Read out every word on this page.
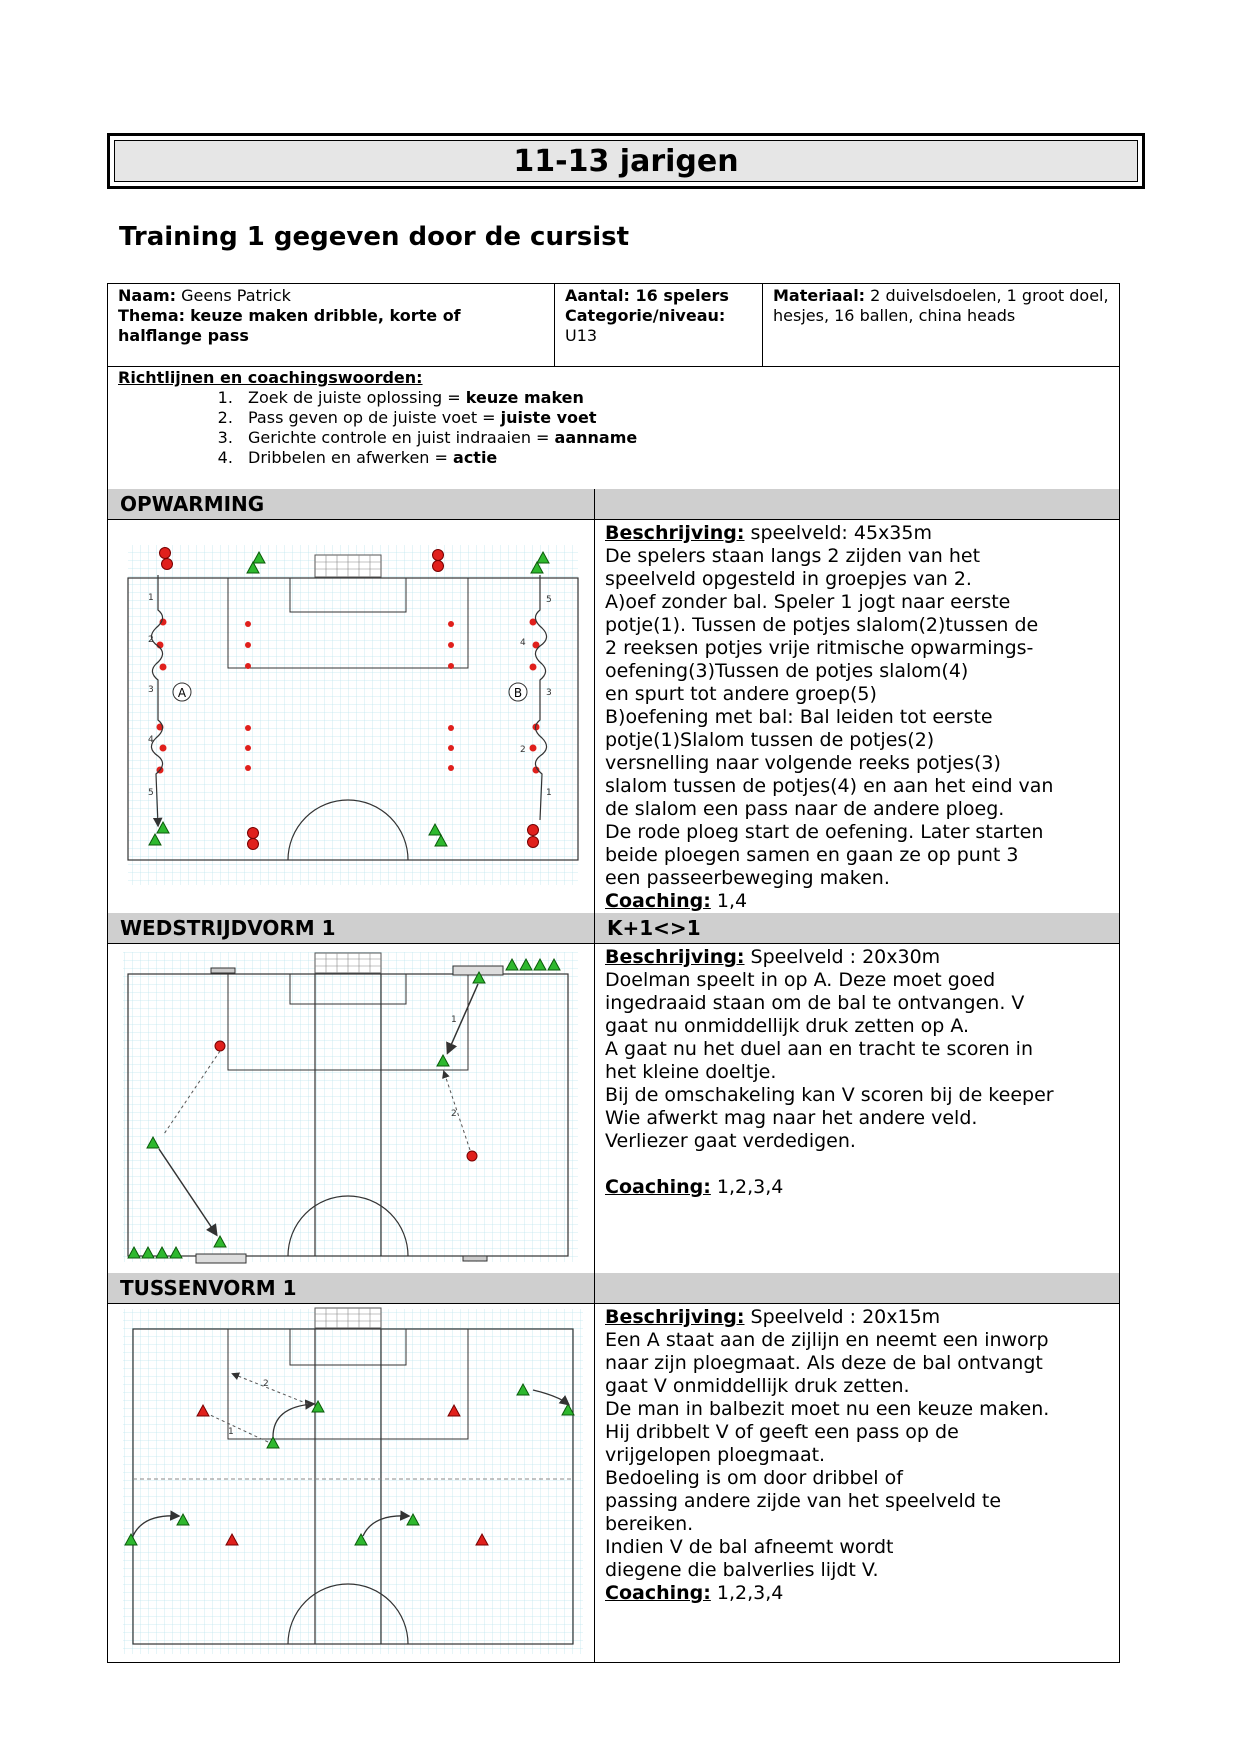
11-13 jarigen
Training 1 gegeven door de cursist
Naam: Geens Patrick
Thema: keuze maken dribble, korte of halflange pass
Aantal: 16 spelers
Categorie/niveau:
U13
Materiaal: 2 duivelsdoelen, 1 groot doel, hesjes, 16 ballen, china heads
Richtlijnen en coachingswoorden:
1. Zoek de juiste oplossing = keuze maken
2. Pass geven op de juiste voet = juiste voet
3. Gerichte controle en juist indraaien = aanname
4. Dribbelen en afwerken = actie
OPWARMING
1
2
3
4
5	1
2
3
4
5
A	B

Beschrijving: speelveld: 45x35m

De spelers staan langs 2 zijden van het

speelveld opgesteld in groepjes van 2.

A)oef zonder bal. Speler 1 jogt naar eerste

potje(1). Tussen de potjes slalom(2)tussen de

2 reeksen potjes vrije ritmische opwarmings-

oefening(3)Tussen de potjes slalom(4)

en spurt tot andere groep(5)

B)oefening met bal: Bal leiden tot eerste

potje(1)Slalom tussen de potjes(2)

versnelling naar volgende reeks potjes(3)

slalom tussen de potjes(4) en aan het eind van

de slalom een pass naar de andere ploeg.

De rode ploeg start de oefening. Later starten

beide ploegen samen en gaan ze op punt 3

een passeerbeweging maken.

Coaching: 1,4

WEDSTRIJDVORM 1	K+1<>1
1
2

Beschrijving: Speelveld : 20x30m

Doelman speelt in op A. Deze moet goed

ingedraaid staan om de bal te ontvangen. V

gaat nu onmiddellijk druk zetten op A.

A gaat nu het duel aan en tracht te scoren in

het kleine doeltje.

Bij de omschakeling kan V scoren bij de keeper

Wie afwerkt mag naar het andere veld.

Verliezer gaat verdedigen.

Coaching: 1,2,3,4

TUSSENVORM 1
1
2

Beschrijving: Speelveld : 20x15m

Een A staat aan de zijlijn en neemt een inworp

naar zijn ploegmaat. Als deze de bal ontvangt

gaat V onmiddellijk druk zetten.

De man in balbezit moet nu een keuze maken.

Hij dribbelt V of geeft een pass op de

vrijgelopen ploegmaat.

Bedoeling is om door dribbel of

passing andere zijde van het speelveld te

bereiken.

Indien V de bal afneemt wordt

diegene die balverlies lijdt V.

Coaching: 1,2,3,4
